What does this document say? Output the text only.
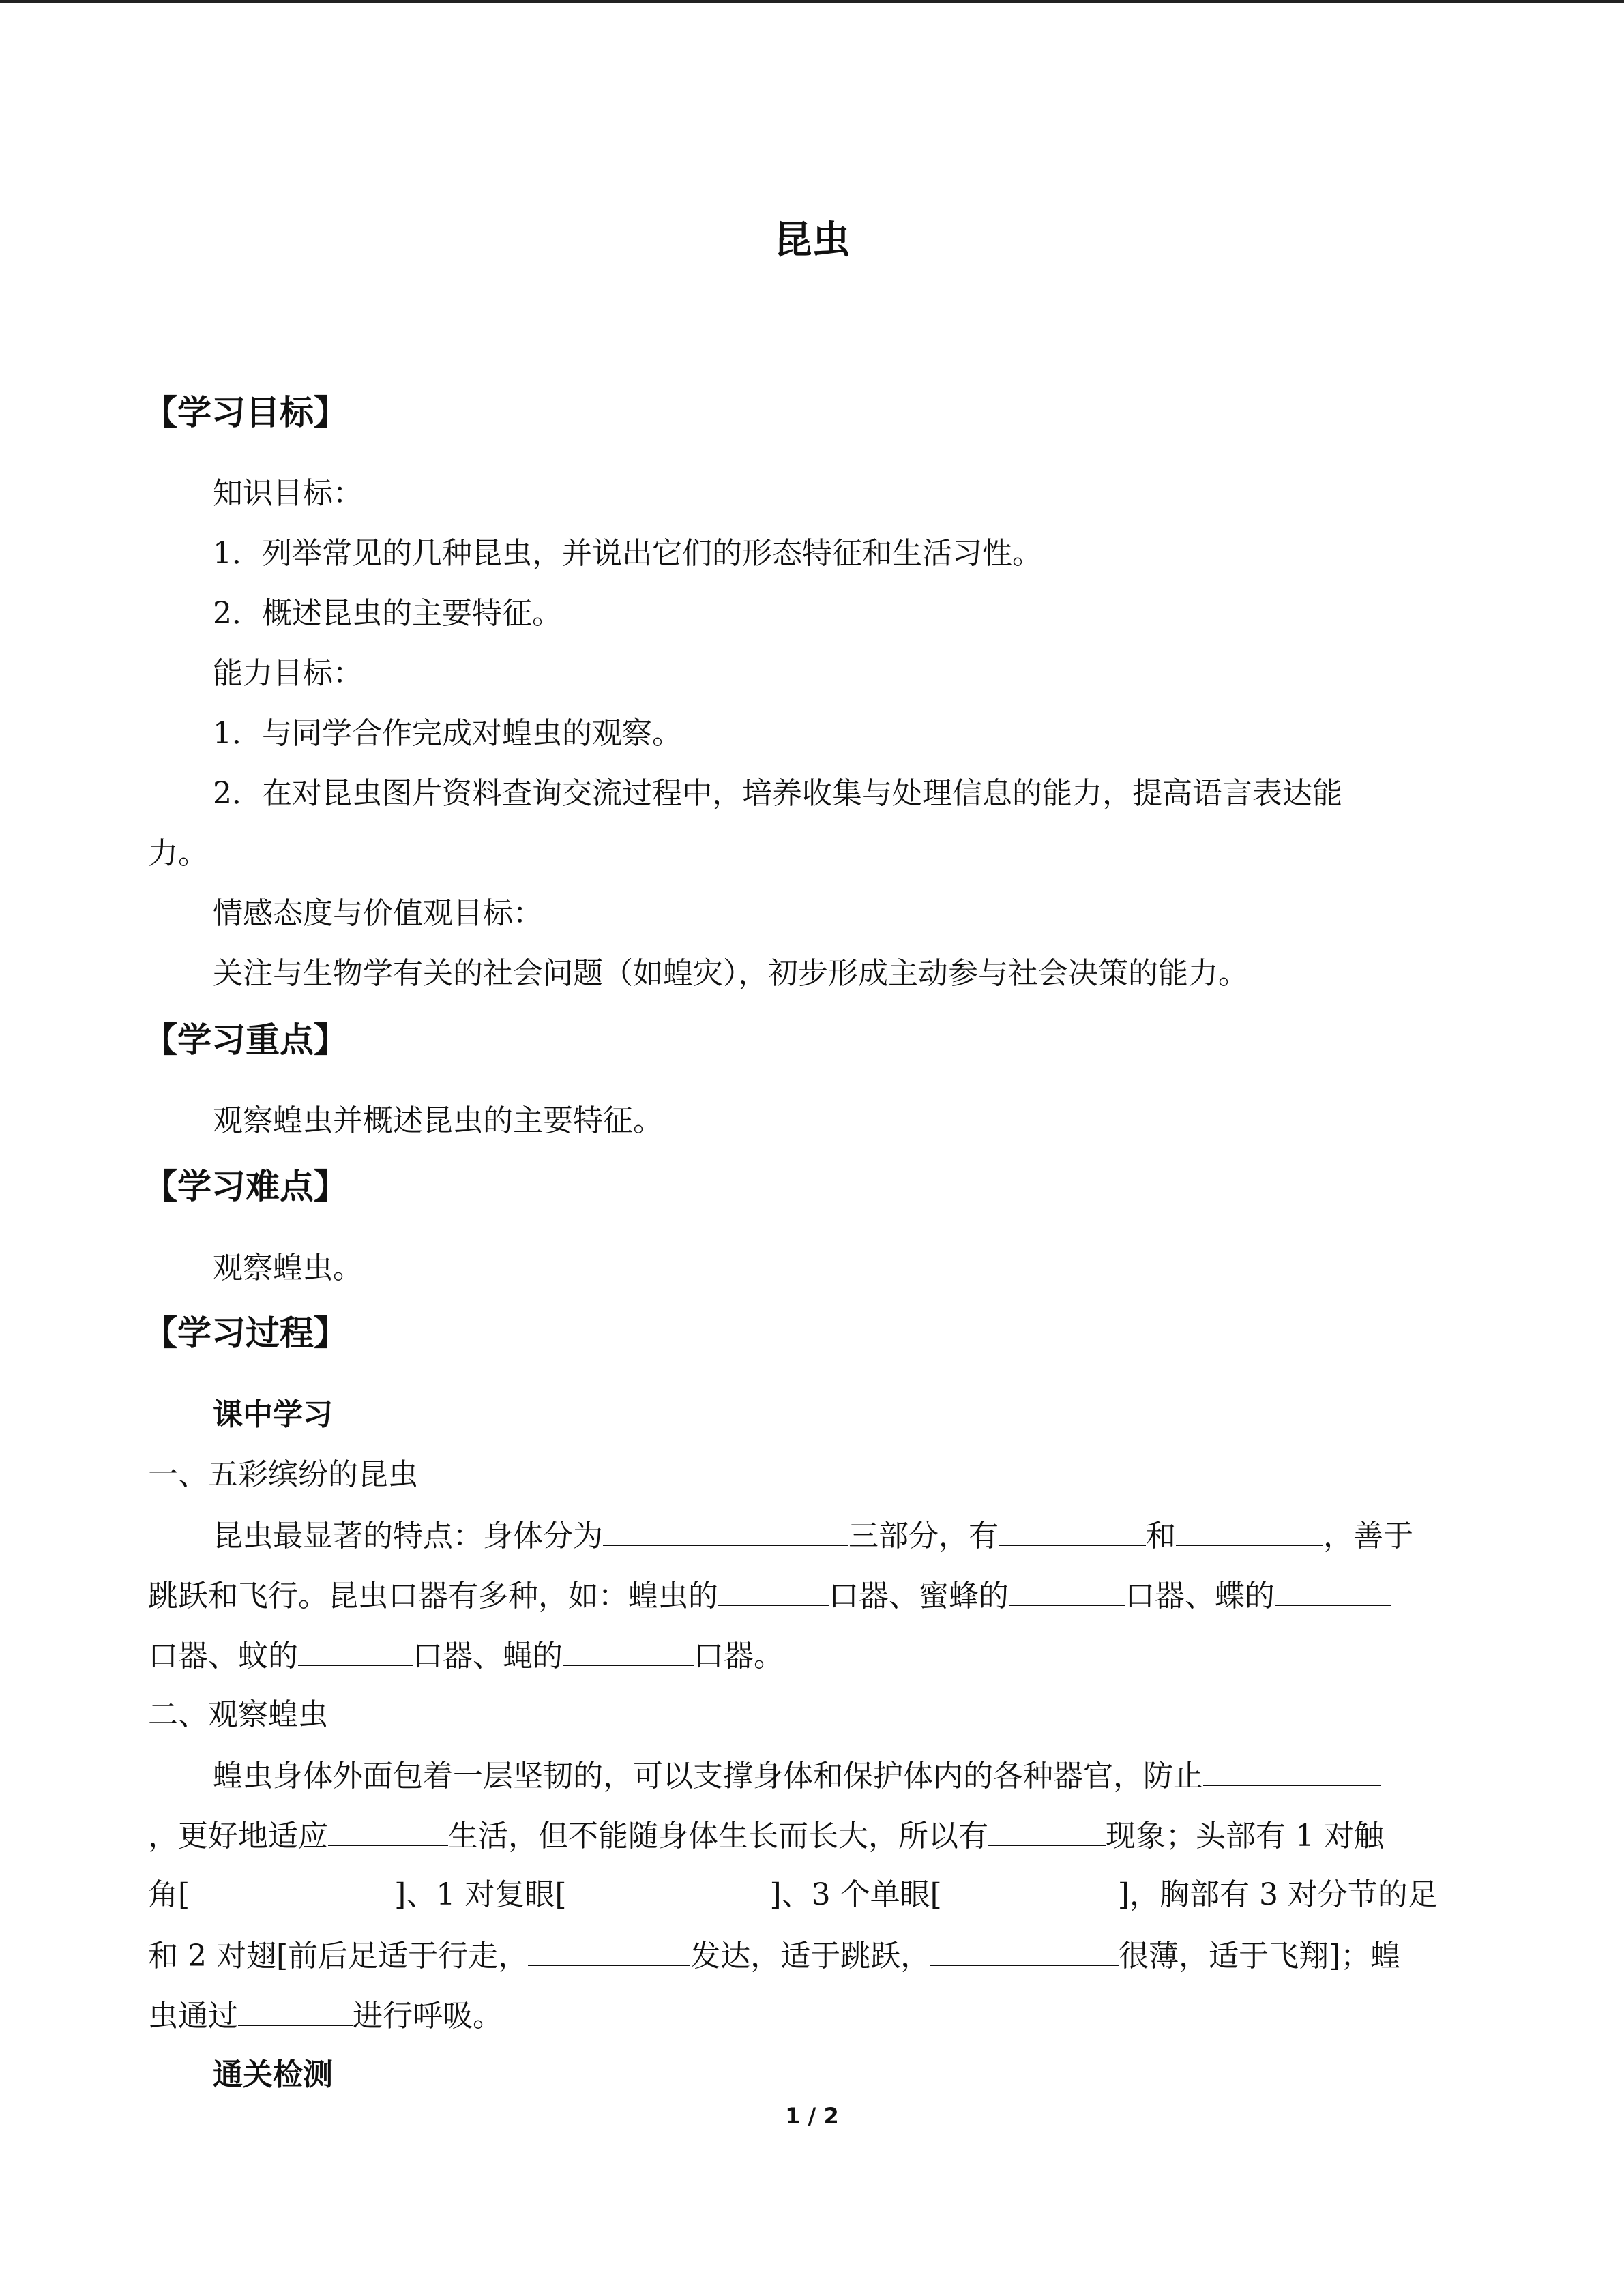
昆虫
【学习目标】

知识目标：

1．列举常见的几种昆虫，并说出它们的形态特征和生活习性。

2．概述昆虫的主要特征。

能力目标：

1．与同学合作完成对蝗虫的观察。

2．在对昆虫图片资料查询交流过程中，培养收集与处理信息的能力，提高语言表达能

力。

情感态度与价值观目标：

关注与生物学有关的社会问题（如蝗灾），初步形成主动参与社会决策的能力。

【学习重点】

观察蝗虫并概述昆虫的主要特征。

【学习难点】

观察蝗虫。

【学习过程】

课中学习

一、五彩缤纷的昆虫

昆虫最显著的特点：身体分为	三部分，有	和	，善于

跳跃和飞行。昆虫口器有多种，如：蝗虫的	口器、蜜蜂的	口器、蝶的

口器、蚊的	口器、蝇的	口器。

二、观察蝗虫

蝗虫身体外面包着一层坚韧的，可以支撑身体和保护体内的各种器官，防止

，更好地适应	生活，但不能随身体生长而长大，所以有	现象；头部有 1 对触

角[	]、1 对复眼[	]、3 个单眼[	]，胸部有 3 对分节的足

和 2 对翅[前后足适于行走，	发达，适于跳跃，	很薄，适于飞翔]；蝗

虫通过	进行呼吸。

通关检测

1 / 2
